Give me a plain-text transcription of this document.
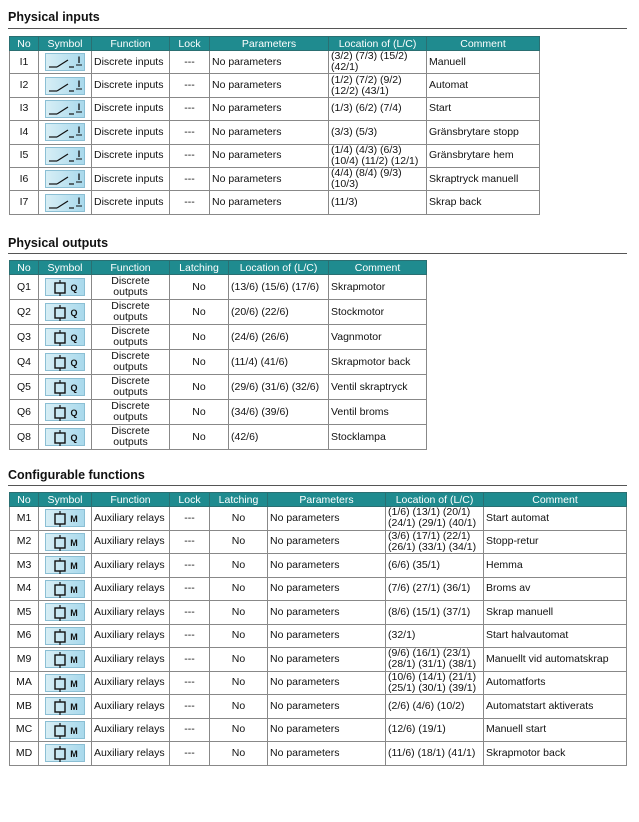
Physical inputs
No	Symbol	Function	Lock	Parameters	Location of (L/C)	Comment
I1	I	Discrete inputs	---	No parameters	(3/2) (7/3) (15/2) (42/1)	Manuell
I2	I	Discrete inputs	---	No parameters	(1/2) (7/2) (9/2) (12/2) (43/1)	Automat
I3	I	Discrete inputs	---	No parameters	(1/3) (6/2) (7/4)	Start
I4	I	Discrete inputs	---	No parameters	(3/3) (5/3)	Gränsbrytare stopp
I5	I	Discrete inputs	---	No parameters	(1/4) (4/3) (6/3) (10/4) (11/2) (12/1)	Gränsbrytare hem
I6	I	Discrete inputs	---	No parameters	(4/4) (8/4) (9/3) (10/3)	Skraptryck manuell
I7	I	Discrete inputs	---	No parameters	(11/3)	Skrap back
Physical outputs
No	Symbol	Function	Latching	Location of (L/C)	Comment
Q1	Q	Discrete outputs	No	(13/6) (15/6) (17/6)	Skrapmotor
Q2	Q	Discrete outputs	No	(20/6) (22/6)	Stockmotor
Q3	Q	Discrete outputs	No	(24/6) (26/6)	Vagnmotor
Q4	Q	Discrete outputs	No	(11/4) (41/6)	Skrapmotor back
Q5	Q	Discrete outputs	No	(29/6) (31/6) (32/6)	Ventil skraptryck
Q6	Q	Discrete outputs	No	(34/6) (39/6)	Ventil broms
Q8	Q	Discrete outputs	No	(42/6)	Stocklampa
Configurable functions
No	Symbol	Function	Lock	Latching	Parameters	Location of (L/C)	Comment
M1	M	Auxiliary relays	---	No	No parameters	(1/6) (13/1) (20/1) (24/1) (29/1) (40/1)	Start automat
M2	M	Auxiliary relays	---	No	No parameters	(3/6) (17/1) (22/1) (26/1) (33/1) (34/1)	Stopp-retur
M3	M	Auxiliary relays	---	No	No parameters	(6/6) (35/1)	Hemma
M4	M	Auxiliary relays	---	No	No parameters	(7/6) (27/1) (36/1)	Broms av
M5	M	Auxiliary relays	---	No	No parameters	(8/6) (15/1) (37/1)	Skrap manuell
M6	M	Auxiliary relays	---	No	No parameters	(32/1)	Start halvautomat
M9	M	Auxiliary relays	---	No	No parameters	(9/6) (16/1) (23/1) (28/1) (31/1) (38/1)	Manuellt vid automatskrap
MA	M	Auxiliary relays	---	No	No parameters	(10/6) (14/1) (21/1) (25/1) (30/1) (39/1)	Automatforts
MB	M	Auxiliary relays	---	No	No parameters	(2/6) (4/6) (10/2)	Automatstart aktiverats
MC	M	Auxiliary relays	---	No	No parameters	(12/6) (19/1)	Manuell start
MD	M	Auxiliary relays	---	No	No parameters	(11/6) (18/1) (41/1)	Skrapmotor back
